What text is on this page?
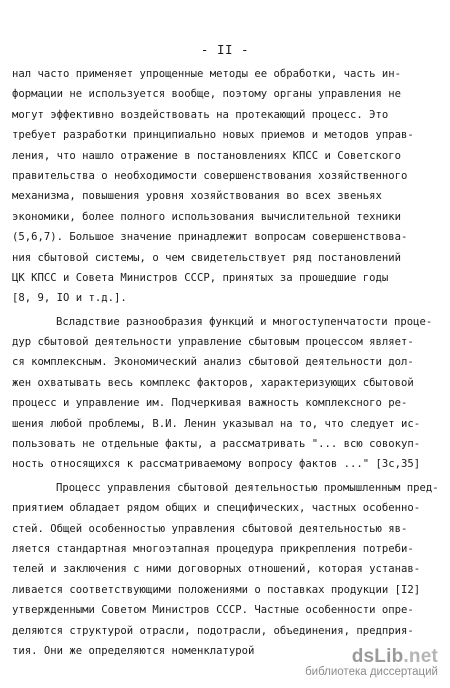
- II -
нал часто применяет упрощенные методы ее обработки, часть ин-
формации не используется вообще, поэтому органы управления не
могут эффективно воздействовать на протекающий процесс. Это
требует разработки принципиально новых приемов и методов управ-
ления, что нашло отражение в постановлениях КПСС и Советского
правительства о необходимости совершенствования хозяйственного
механизма, повышения уровня хозяйствования во всех звеньях
экономики, более полного использования вычислительной техники
(5,6,7). Большое значение принадлежит вопросам совершенствова-
ния сбытовой системы, о чем свидетельствует ряд постановлений
ЦК КПСС и Совета Министров СССР, принятых за прошедшие годы
[8, 9, IO и т.д.].
Всладствие разнообразия функций и многоступенчатости проце-
дур сбытовой деятельности управление сбытовым процессом являет-
ся комплексным. Экономический анализ сбытовой деятельности дол-
жен охватывать весь комплекс факторов, характеризующих сбытовой
процесс и управление им. Подчеркивая важность комплексного ре-
шения любой проблемы, В.И. Ленин указывал на то, что следует ис-
пользовать не отдельные факты, а рассматривать "... всю совокуп-
ность относящихся к рассматриваемому вопросу фактов ..." [3с,35]
Процесс управления сбытовой деятельностью промышленным пред-
приятием обладает рядом общих и специфических, частных особенно-
стей. Общей особенностью управления сбытовой деятельностью яв-
ляется стандартная многоэтапная процедура прикрепления потреби-
телей и заключения с ними договорных отношений, которая устанав-
ливается соответствующими положениями о поставках продукции [I2]
утвержденными Советом Министров СССР. Частные особенности опре-
деляются структурой отрасли, подотрасли, объединения, предприя-
тия. Они же определяются номенклатурой	dsLib.net
библиотека диссертаций
